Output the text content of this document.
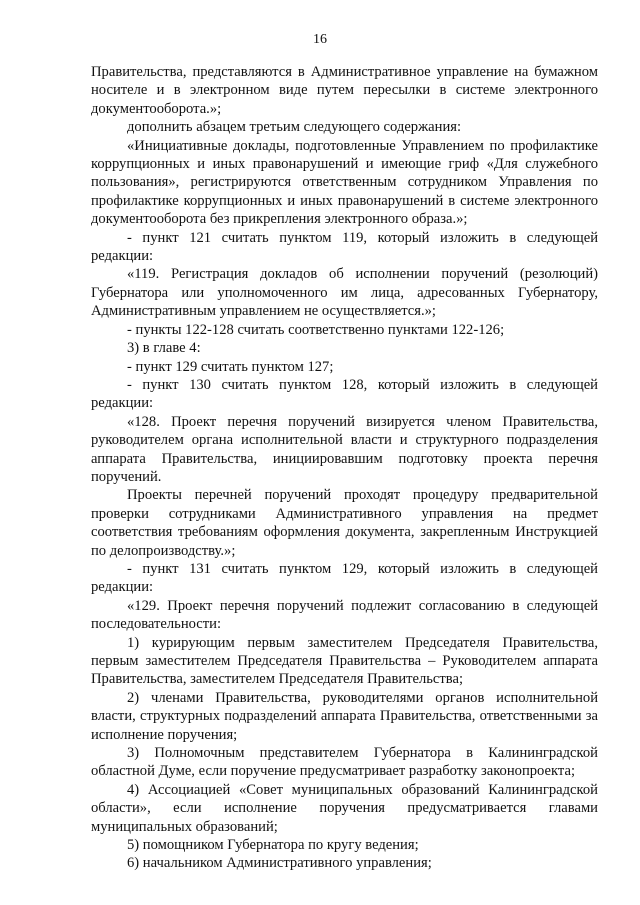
16

Правительства, представляются в Административное управление на бумажном носителе и в электронном виде путем пересылки в системе электронного документооборота.»;

дополнить абзацем третьим следующего содержания:

«Инициативные доклады, подготовленные Управлением по профилактике коррупционных и иных правонарушений и имеющие гриф «Для служебного пользования», регистрируются ответственным сотрудником Управления по профилактике коррупционных и иных правонарушений в системе электронного документооборота без прикрепления электронного образа.»;

- пункт 121 считать пунктом 119, который изложить в следующей редакции:

«119. Регистрация докладов об исполнении поручений (резолюций) Губернатора или уполномоченного им лица, адресованных Губернатору, Административным управлением не осуществляется.»;

- пункты 122-128 считать соответственно пунктами 122-126;

3) в главе 4:

- пункт 129 считать пунктом 127;

- пункт 130 считать пунктом 128, который изложить в следующей редакции:

«128. Проект перечня поручений визируется членом Правительства, руководителем органа исполнительной власти и структурного подразделения аппарата Правительства, инициировавшим подготовку проекта перечня поручений.

Проекты перечней поручений проходят процедуру предварительной проверки сотрудниками Административного управления на предмет соответствия требованиям оформления документа, закрепленным Инструкцией по делопроизводству.»;

- пункт 131 считать пунктом 129, который изложить в следующей редакции:

«129. Проект перечня поручений подлежит согласованию в следующей последовательности:

1) курирующим первым заместителем Председателя Правительства, первым заместителем Председателя Правительства – Руководителем аппарата Правительства, заместителем Председателя Правительства;

2) членами Правительства, руководителями органов исполнительной власти, структурных подразделений аппарата Правительства, ответственными за исполнение поручения;

3) Полномочным представителем Губернатора в Калининградской областной Думе, если поручение предусматривает разработку законопроекта;

4) Ассоциацией «Совет муниципальных образований Калининградской области», если исполнение поручения предусматривается главами муниципальных образований;

5) помощником Губернатора по кругу ведения;

6) начальником Административного управления;
